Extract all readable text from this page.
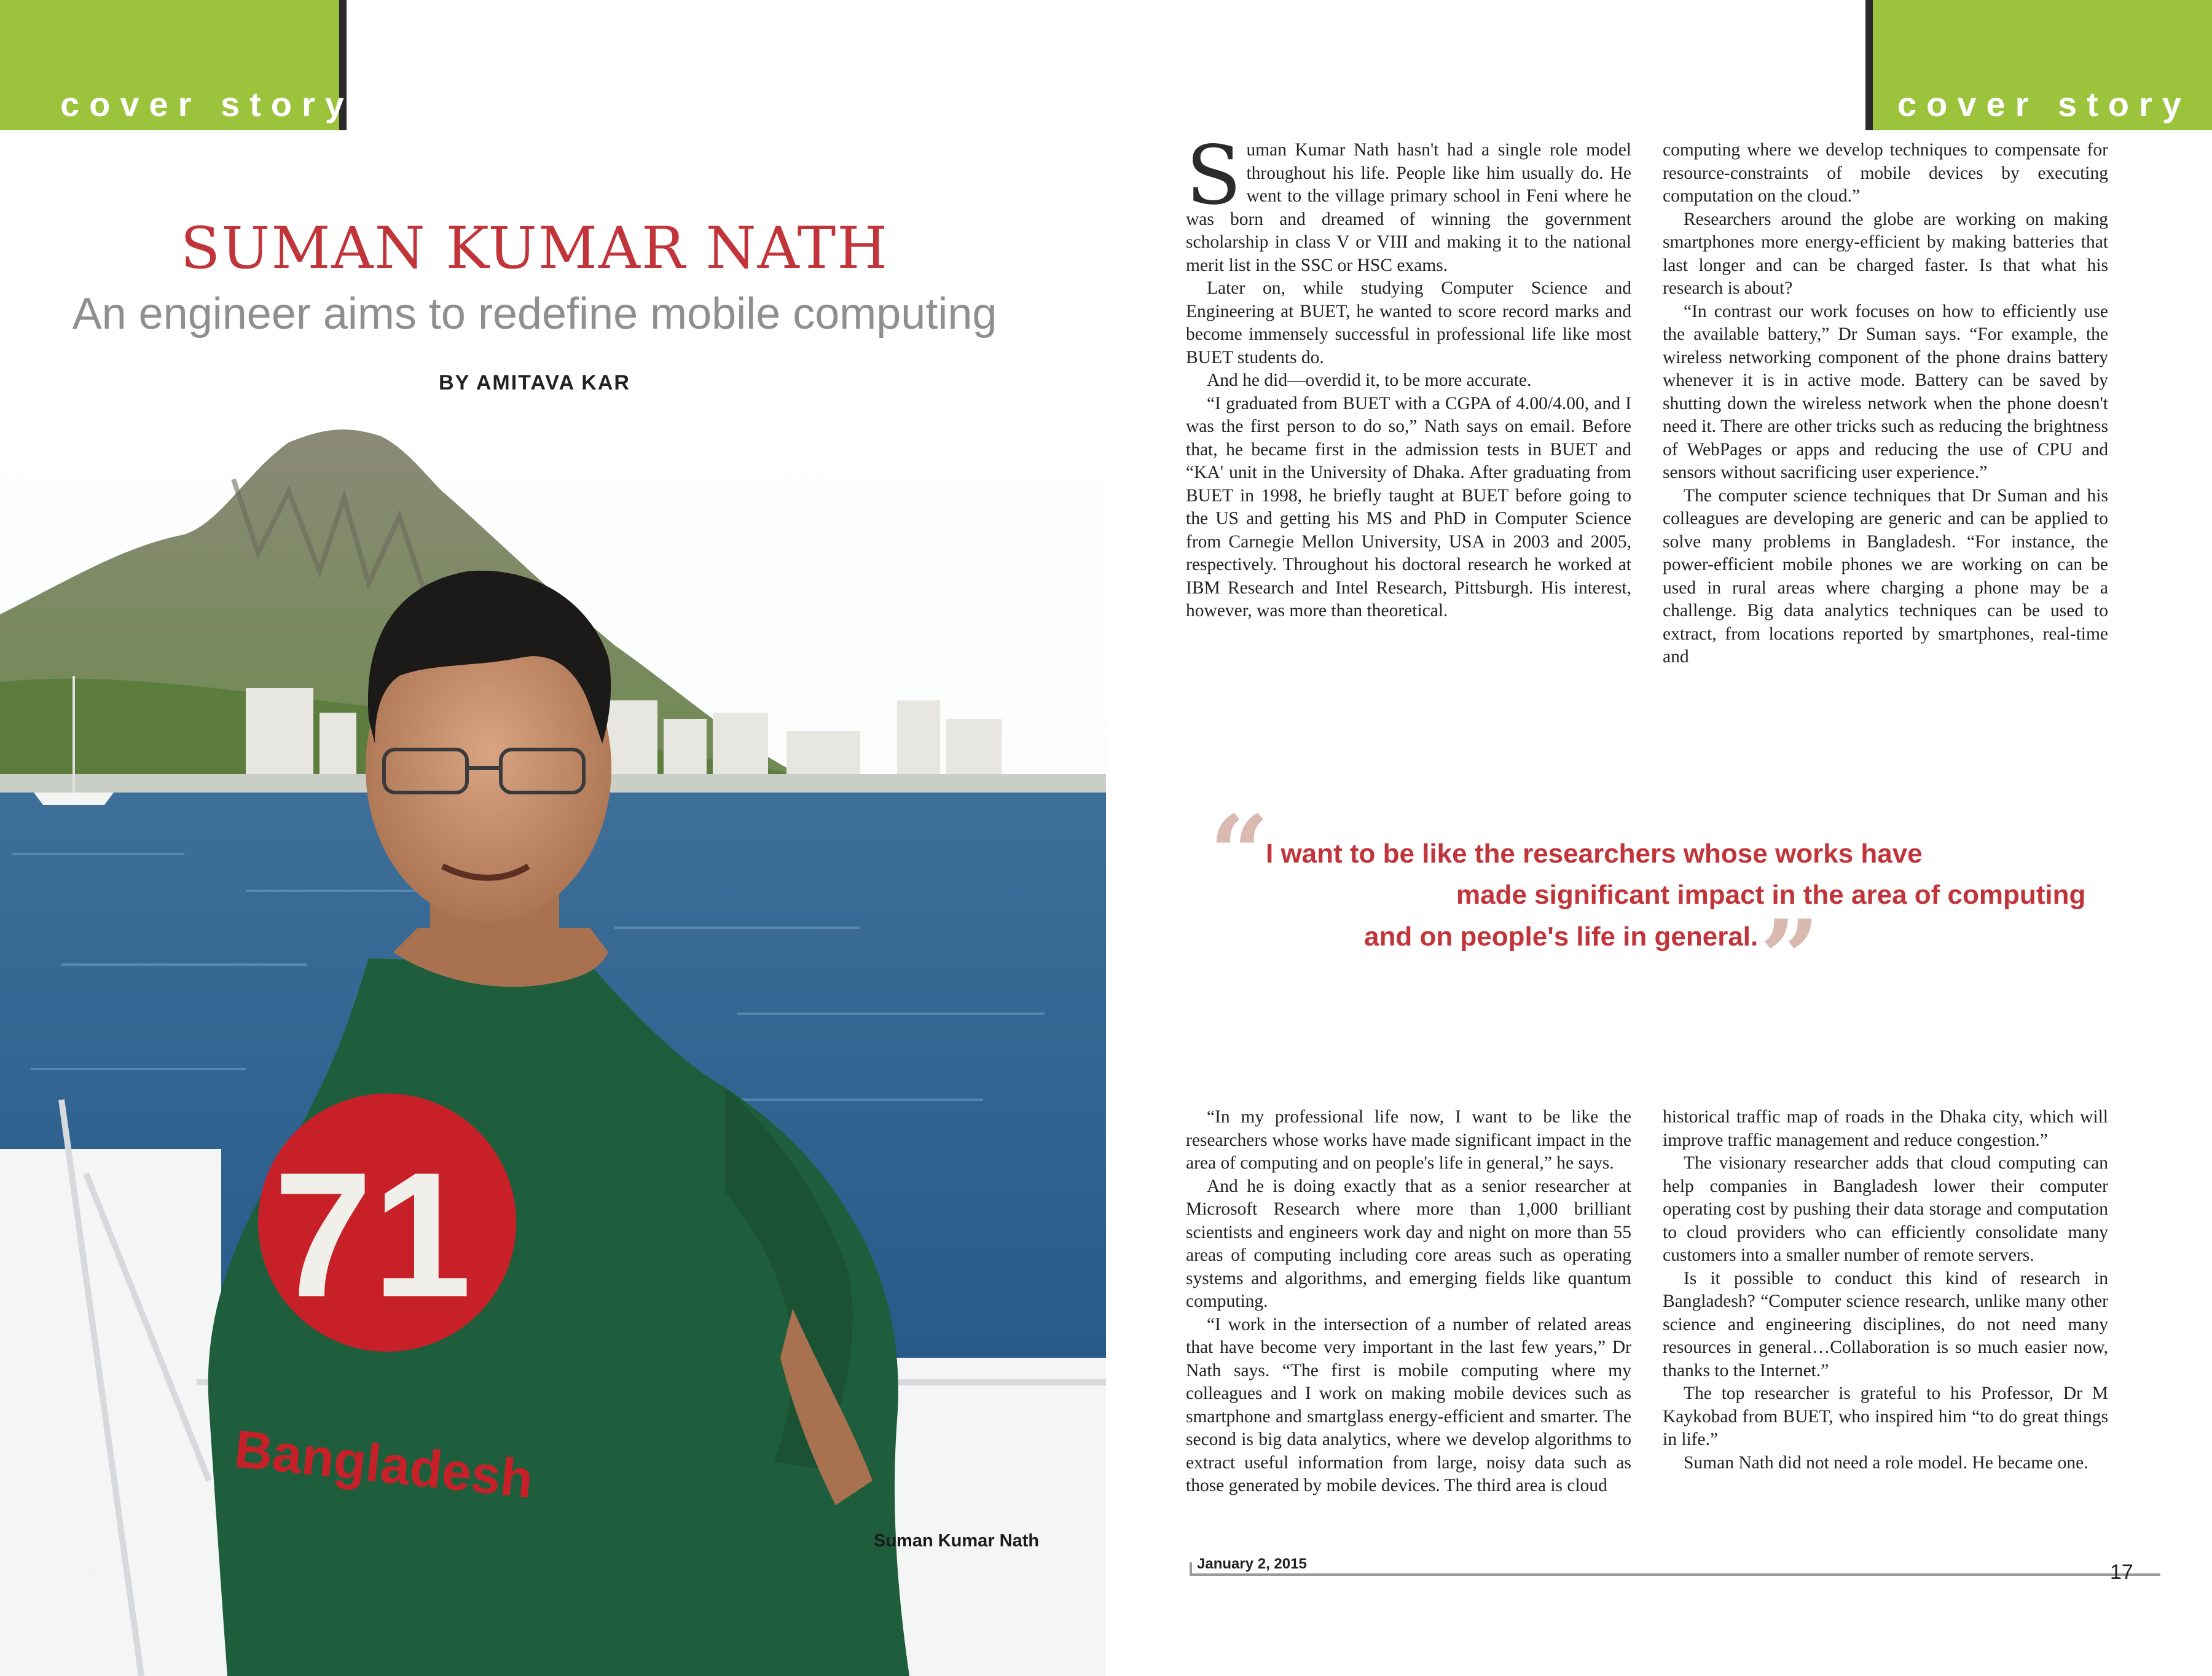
cover story
71
Bangladesh
SUMAN KUMAR NATH
An engineer aims to redefine mobile computing
BY AMITAVA KAR
Suman Kumar Nath
16
cover story

Suman Kumar Nath hasn't had a single role model throughout his life. People like him usually do. He went to the village primary school in Feni where he was born and dreamed of winning the government scholarship in class V or VIII and making it to the national merit list in the SSC or HSC exams.

Later on, while studying Computer Science and Engineering at BUET, he wanted to score record marks and become immensely successful in professional life like most BUET students do.

And he did—overdid it, to be more accurate.

“I graduated from BUET with a CGPA of 4.00/4.00, and I was the first person to do so,” Nath says on email. Before that, he became first in the admission tests in BUET and “KA' unit in the University of Dhaka. After graduating from BUET in 1998, he briefly taught at BUET before going to the US and getting his MS and PhD in Computer Science from Carnegie Mellon University, USA in 2003 and 2005, respectively. Throughout his doctoral research he worked at IBM Research and Intel Research, Pittsburgh. His interest, however, was more than theoretical.

computing where we develop techniques to compensate for resource-constraints of mobile devices by executing computation on the cloud.”

Researchers around the globe are working on making smartphones more energy-efficient by making batteries that last longer and can be charged faster. Is that what his research is about?

“In contrast our work focuses on how to efficiently use the available battery,” Dr Suman says. “For example, the wireless networking component of the phone drains battery whenever it is in active mode. Battery can be saved by shutting down the wireless network when the phone doesn't need it. There are other tricks such as reducing the brightness of WebPages or apps and reducing the use of CPU and sensors without sacrificing user experience.”

The computer science techniques that Dr Suman and his colleagues are developing are generic and can be applied to solve many problems in Bangladesh. “For instance, the power-efficient mobile phones we are working on can be used in rural areas where charging a phone may be a challenge. Big data analytics techniques can be used to extract, from locations reported by smartphones, real-time and

“
I want to be like the researchers whose works have
made significant impact in the area of computing
and on people's life in general. ”

“In my professional life now, I want to be like the researchers whose works have made significant impact in the area of computing and on people's life in general,” he says.

And he is doing exactly that as a senior researcher at Microsoft Research where more than 1,000 brilliant scientists and engineers work day and night on more than 55 areas of computing including core areas such as operating systems and algorithms, and emerging fields like quantum computing.

“I work in the intersection of a number of related areas that have become very important in the last few years,” Dr Nath says. “The first is mobile computing where my colleagues and I work on making mobile devices such as smartphone and smartglass energy-efficient and smarter. The second is big data analytics, where we develop algorithms to extract useful information from large, noisy data such as those generated by mobile devices. The third area is cloud

historical traffic map of roads in the Dhaka city, which will improve traffic management and reduce congestion.”

The visionary researcher adds that cloud computing can help companies in Bangladesh lower their computer operating cost by pushing their data storage and computation to cloud providers who can efficiently consolidate many customers into a smaller number of remote servers.

Is it possible to conduct this kind of research in Bangladesh? “Computer science research, unlike many other science and engineering disciplines, do not need many resources in general…Collaboration is so much easier now, thanks to the Internet.”

The top researcher is grateful to his Professor, Dr M Kaykobad from BUET, who inspired him “to do great things in life.”

Suman Nath did not need a role model. He became one.

January 2, 2015	17
